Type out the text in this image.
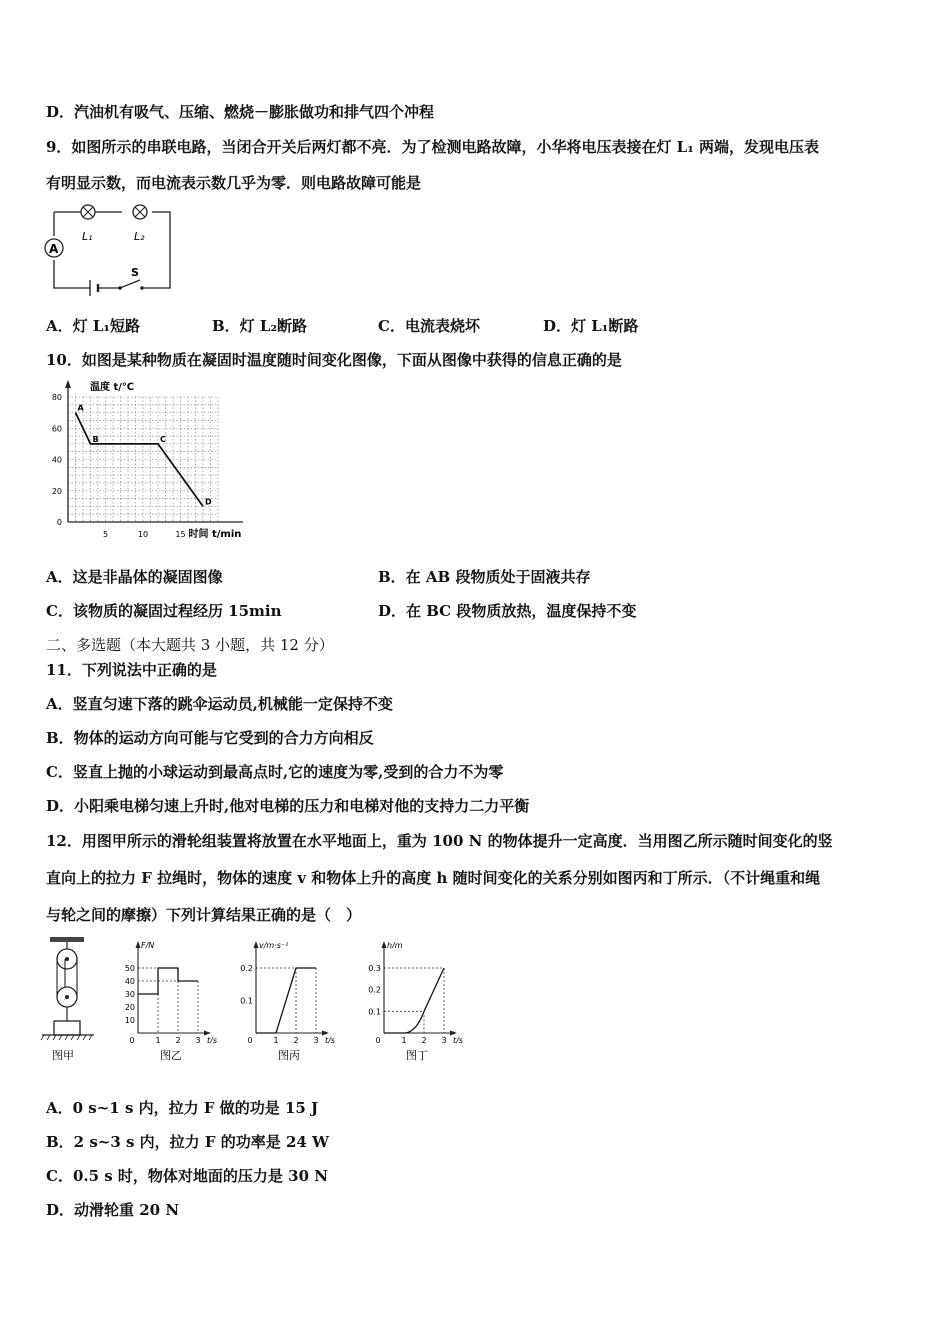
D．汽油机有吸气、压缩、燃烧－膨胀做功和排气四个冲程
9．如图所示的串联电路，当闭合开关后两灯都不亮．为了检测电路故障，小华将电压表接在灯 L₁ 两端，发现电压表
有明显示数，而电流表示数几乎为零．则电路故障可能是
L₁	L₂
A
S
A．灯 L₁短路	B．灯 L₂断路	C．电流表烧坏	D．灯 L₁断路
10．如图是某种物质在凝固时温度随时间变化图像，下面从图像中获得的信息正确的是
温度 t/℃
时间 t/min
0
20
40
60
80
5	10	15
A
B	C
D
A．这是非晶体的凝固图像	B．在 AB 段物质处于固液共存
C．该物质的凝固过程经历 15min	D．在 BC 段物质放热，温度保持不变
二、多选题（本大题共 3 小题，共 12 分）
11．下列说法中正确的是
A．竖直匀速下落的跳伞运动员,机械能一定保持不变
B．物体的运动方向可能与它受到的合力方向相反
C．竖直上抛的小球运动到最高点时,它的速度为零,受到的合力不为零
D．小阳乘电梯匀速上升时,他对电梯的压力和电梯对他的支持力二力平衡
12．用图甲所示的滑轮组装置将放置在水平地面上，重为 100 N 的物体提升一定高度．当用图乙所示随时间变化的竖
直向上的拉力 F 拉绳时，物体的速度 v 和物体上升的高度 h 随时间变化的关系分别如图丙和丁所示．（不计绳重和绳
与轮之间的摩擦）下列计算结果正确的是（　）
图甲
F/N
t/s
10
20
30
40
50
0	1 2 3
图乙
v/m·s⁻¹
t/s
0.1
0.2
0	1 2 3
图丙
h/m
t/s
0.1
0.2
0.3
0	1 2 3
图丁
A．0 s~1 s 内，拉力 F 做的功是 15 J
B．2 s~3 s 内，拉力 F 的功率是 24 W
C．0.5 s 时，物体对地面的压力是 30 N
D．动滑轮重 20 N
